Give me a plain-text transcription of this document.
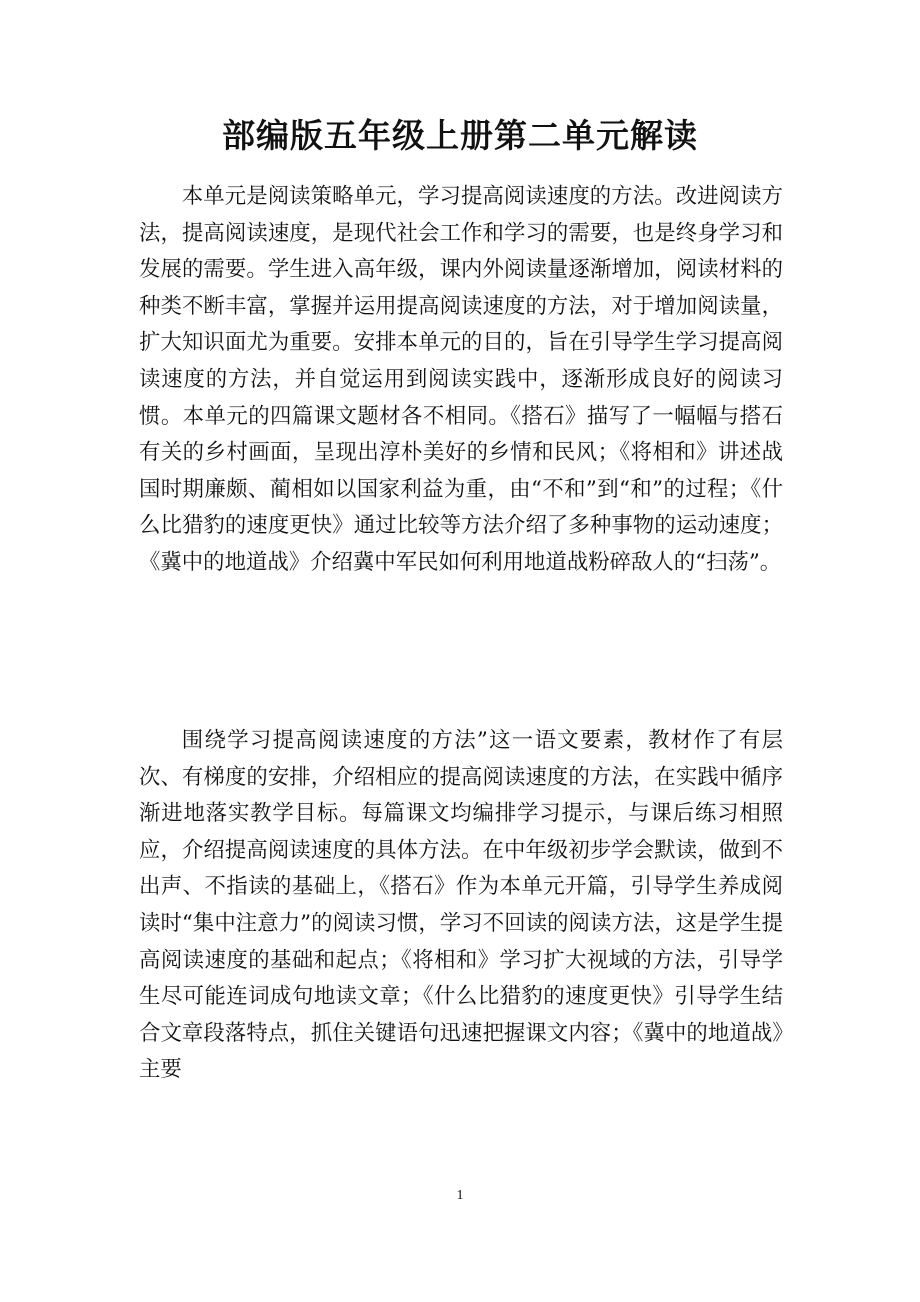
部编版五年级上册第二单元解读

本单元是阅读策略单元，学习提高阅读速度的方法。改进阅读方法，提高阅读速度，是现代社会工作和学习的需要，也是终身学习和发展的需要。学生进入高年级，课内外阅读量逐渐增加，阅读材料的种类不断丰富，掌握并运用提高阅读速度的方法，对于增加阅读量，扩大知识面尤为重要。安排本单元的目的，旨在引导学生学习提高阅读速度的方法，并自觉运用到阅读实践中，逐渐形成良好的阅读习惯。本单元的四篇课文题材各不相同。《搭石》描写了一幅幅与搭石有关的乡村画面，呈现出淳朴美好的乡情和民风；《将相和》讲述战国时期廉颇、蔺相如以国家利益为重，由“不和”到“和”的过程；《什么比猎豹的速度更快》通过比较等方法介绍了多种事物的运动速度；《冀中的地道战》介绍冀中军民如何利用地道战粉碎敌人的“扫荡”。

围绕学习提高阅读速度的方法”这一语文要素，教材作了有层次、有梯度的安排，介绍相应的提高阅读速度的方法，在实践中循序渐进地落实教学目标。每篇课文均编排学习提示，与课后练习相照应，介绍提高阅读速度的具体方法。在中年级初步学会默读，做到不出声、不指读的基础上，《搭石》作为本单元开篇，引导学生养成阅读时“集中注意力”的阅读习惯，学习不回读的阅读方法，这是学生提高阅读速度的基础和起点；《将相和》学习扩大视域的方法，引导学生尽可能连词成句地读文章；《什么比猎豹的速度更快》引导学生结合文章段落特点，抓住关键语句迅速把握课文内容；《冀中的地道战》主要

1
